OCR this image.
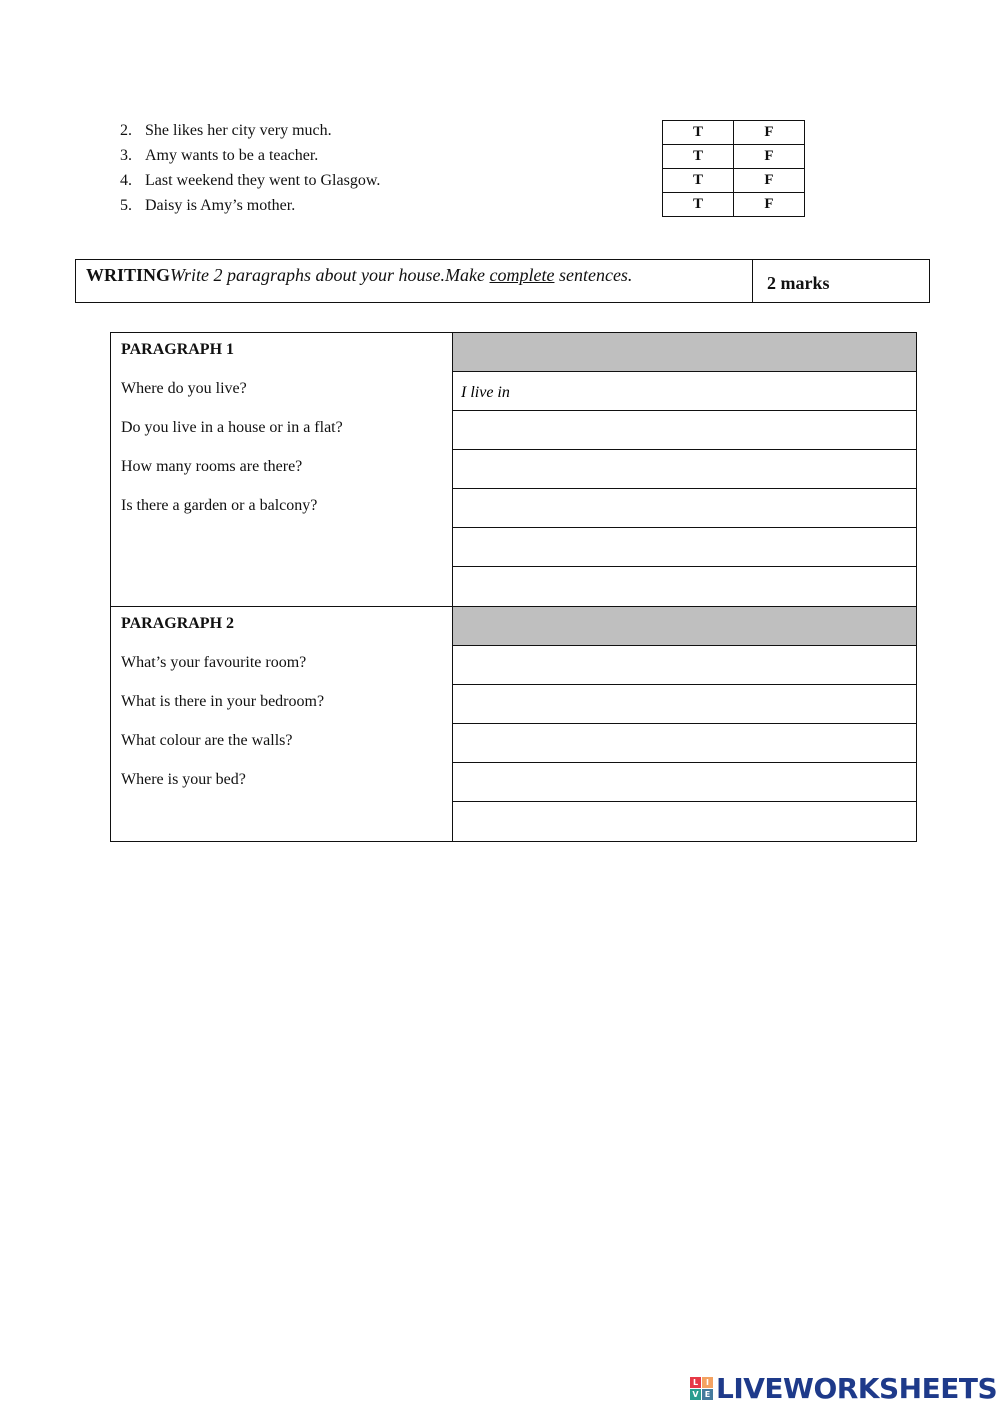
2. She likes her city very much.
3. Amy wants to be a teacher.
4. Last weekend they went to Glasgow.
5. Daisy is Amy’s mother.
T	F
T	F
T	F
T	F
WRITINGWrite 2 paragraphs about your house.Make complete sentences.	2 marks
PARAGRAPH 1
Where do you live?
Do you live in a house or in a flat?
How many rooms are there?
Is there a garden or a balcony?
I live in
PARAGRAPH 2
What’s your favourite room?
What is there in your bedroom?
What colour are the walls?
Where is your bed?
L I
V E LIVEWORKSHEETS
